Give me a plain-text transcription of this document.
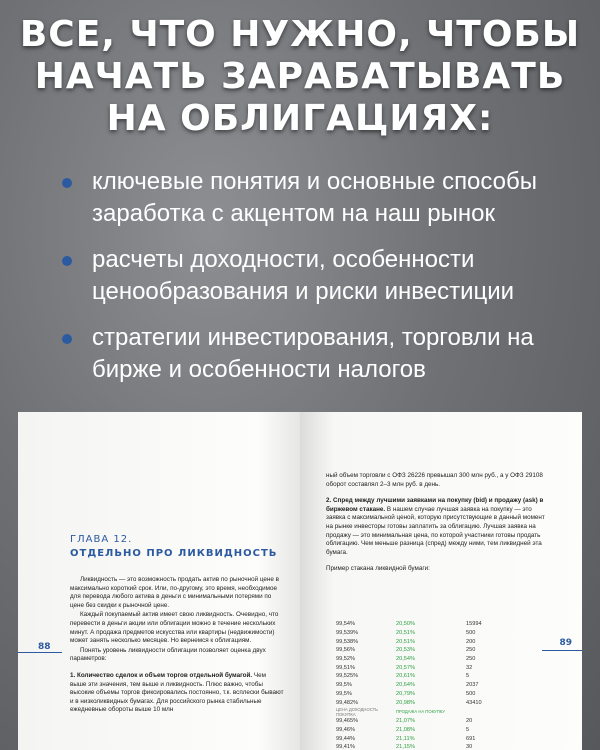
ВСЕ, ЧТО НУЖНО, ЧТОБЫ
НАЧАТЬ ЗАРАБАТЫВАТЬ
НА ОБЛИГАЦИЯХ:
ключевые понятия и основные способы заработка с акцентом на наш рынок
расчеты доходности, особенности ценообразования и риски инвестиции
стратегии инвестирования, торговли на бирже и особенности налогов
ГЛАВА 12.
ОТДЕЛЬНО ПРО ЛИКВИДНОСТЬ
88

Ликвидность — это возможность продать актив по рыночной цене в максимально короткий срок. Или, по-другому, это время, необходимое для перевода любого актива в деньги с минимальными потерями по цене без скидки к рыночной цене.

Каждый покупаемый актив имеет свою ликвидность. Очевидно, что перевести в деньги акции или облигации можно в течение нескольких минут. А продажа предметов искусства или квартиры (недвижимости) может занять несколько месяцев. Но вернемся к облигациям.

Понять уровень ликвидности облигации позволяет оценка двух параметров:

1. Количество сделок и объем торгов отдельной бумагой. Чем выше эти значения, тем выше и ликвидность. Плюс важно, чтобы высокие объемы торгов фиксировались постоянно, т.к. всплески бывают и в низколиквидных бумагах. Для российского рынка стабильные ежедневные обороты выше 10 млн

89

ный объем торговли с ОФЗ 26226 превышал 300 млн руб., а у ОФЗ 29108 оборот составлял 2–3 млн руб. в день.

2. Спред между лучшими заявками на покупку (bid) и продажу (ask) в биржевом стакане. В нашем случае лучшая заявка на покупку — это заявка с максимальной ценой, которую присутствующие в данный момент на рынке инвесторы готовы заплатить за облигацию. Лучшая заявка на продажу — это минимальная цена, по которой участники готовы продать облигацию. Чем меньше разница (спред) между ними, тем ликвидней эта бумага.

Пример стакана ликвидной бумаги:

99,54%	20,50%	15994
99,539%	20,51%	500
99,538%	20,51%	200
99,56%	20,53%	250
99,52%	20,54%	250
99,51%	20,57%	32
99,525%	20,61%	5
99,5%	20,64%	2037
99,5%	20,79%	500
99,482%	20,98%	43410
ЦЕНА ДОХОДНОСТЬ ПОКУПКА	ПРОДАЖА НА ПОКУПКУ	
99,465%	21,07%	20
99,46%	21,08%	5
99,44%	21,11%	691
99,41%	21,15%	30
